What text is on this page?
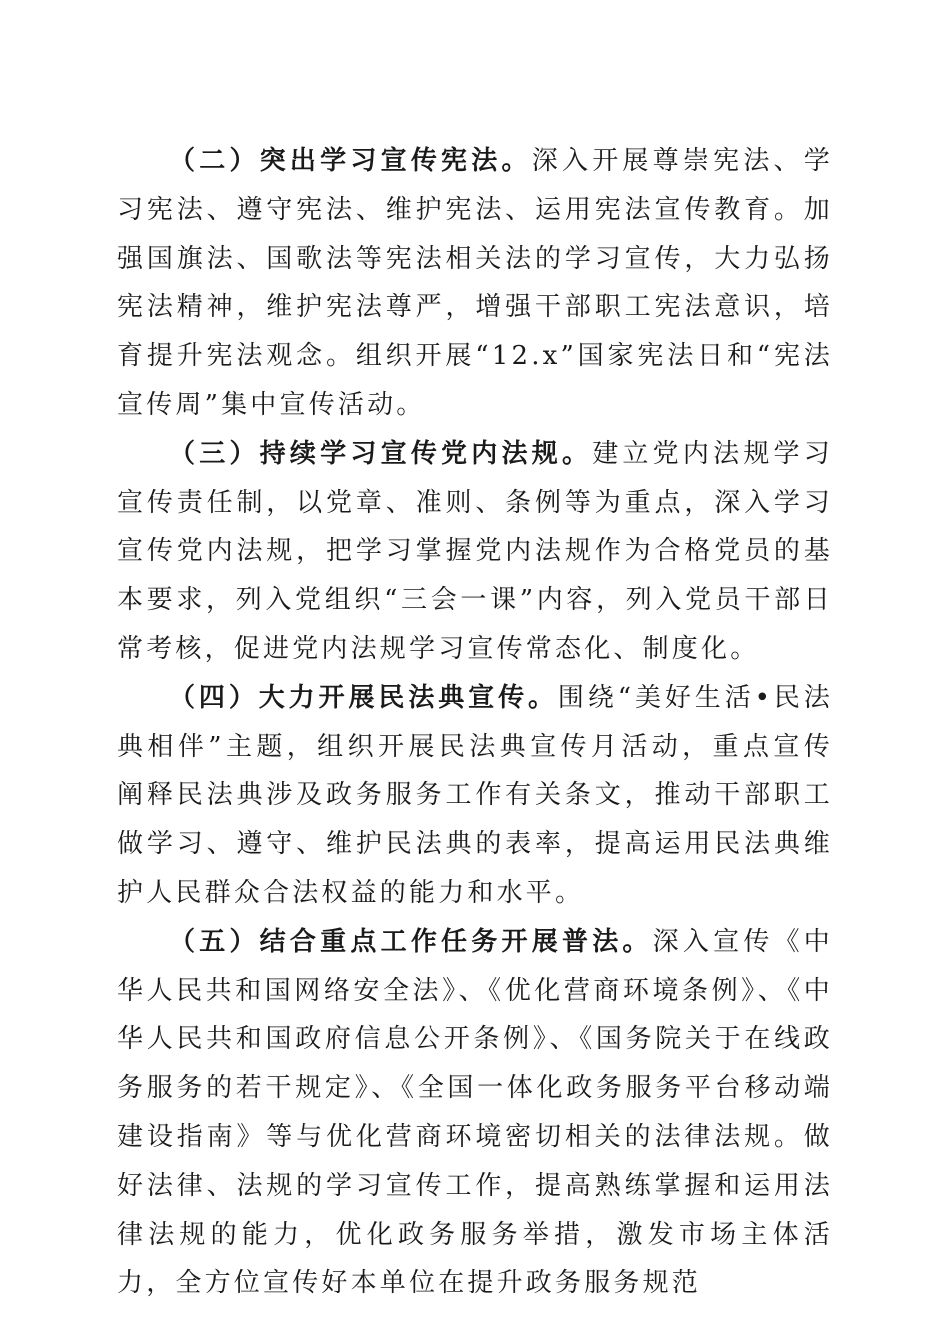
（二）突出学习宣传宪法。深入开展尊崇宪法、学习宪法、遵守宪法、维护宪法、运用宪法宣传教育。加强国旗法、国歌法等宪法相关法的学习宣传，大力弘扬宪法精神，维护宪法尊严，增强干部职工宪法意识，培育提升宪法观念。组织开展“12.x”国家宪法日和“宪法宣传周”集中宣传活动。

（三）持续学习宣传党内法规。建立党内法规学习宣传责任制，以党章、准则、条例等为重点，深入学习宣传党内法规，把学习掌握党内法规作为合格党员的基本要求，列入党组织“三会一课”内容，列入党员干部日常考核，促进党内法规学习宣传常态化、制度化。

（四）大力开展民法典宣传。围绕“美好生活•民法典相伴”主题，组织开展民法典宣传月活动，重点宣传阐释民法典涉及政务服务工作有关条文，推动干部职工做学习、遵守、维护民法典的表率，提高运用民法典维护人民群众合法权益的能力和水平。

（五）结合重点工作任务开展普法。深入宣传《中华人民共和国网络安全法》、《优化营商环境条例》、《中华人民共和国政府信息公开条例》、《国务院关于在线政务服务的若干规定》、《全国一体化政务服务平台移动端建设指南》等与优化营商环境密切相关的法律法规。做好法律、法规的学习宣传工作，提高熟练掌握和运用法律法规的能力，优化政务服务举措，激发市场主体活力，全方位宣传好本单位在提升政务服务规范
